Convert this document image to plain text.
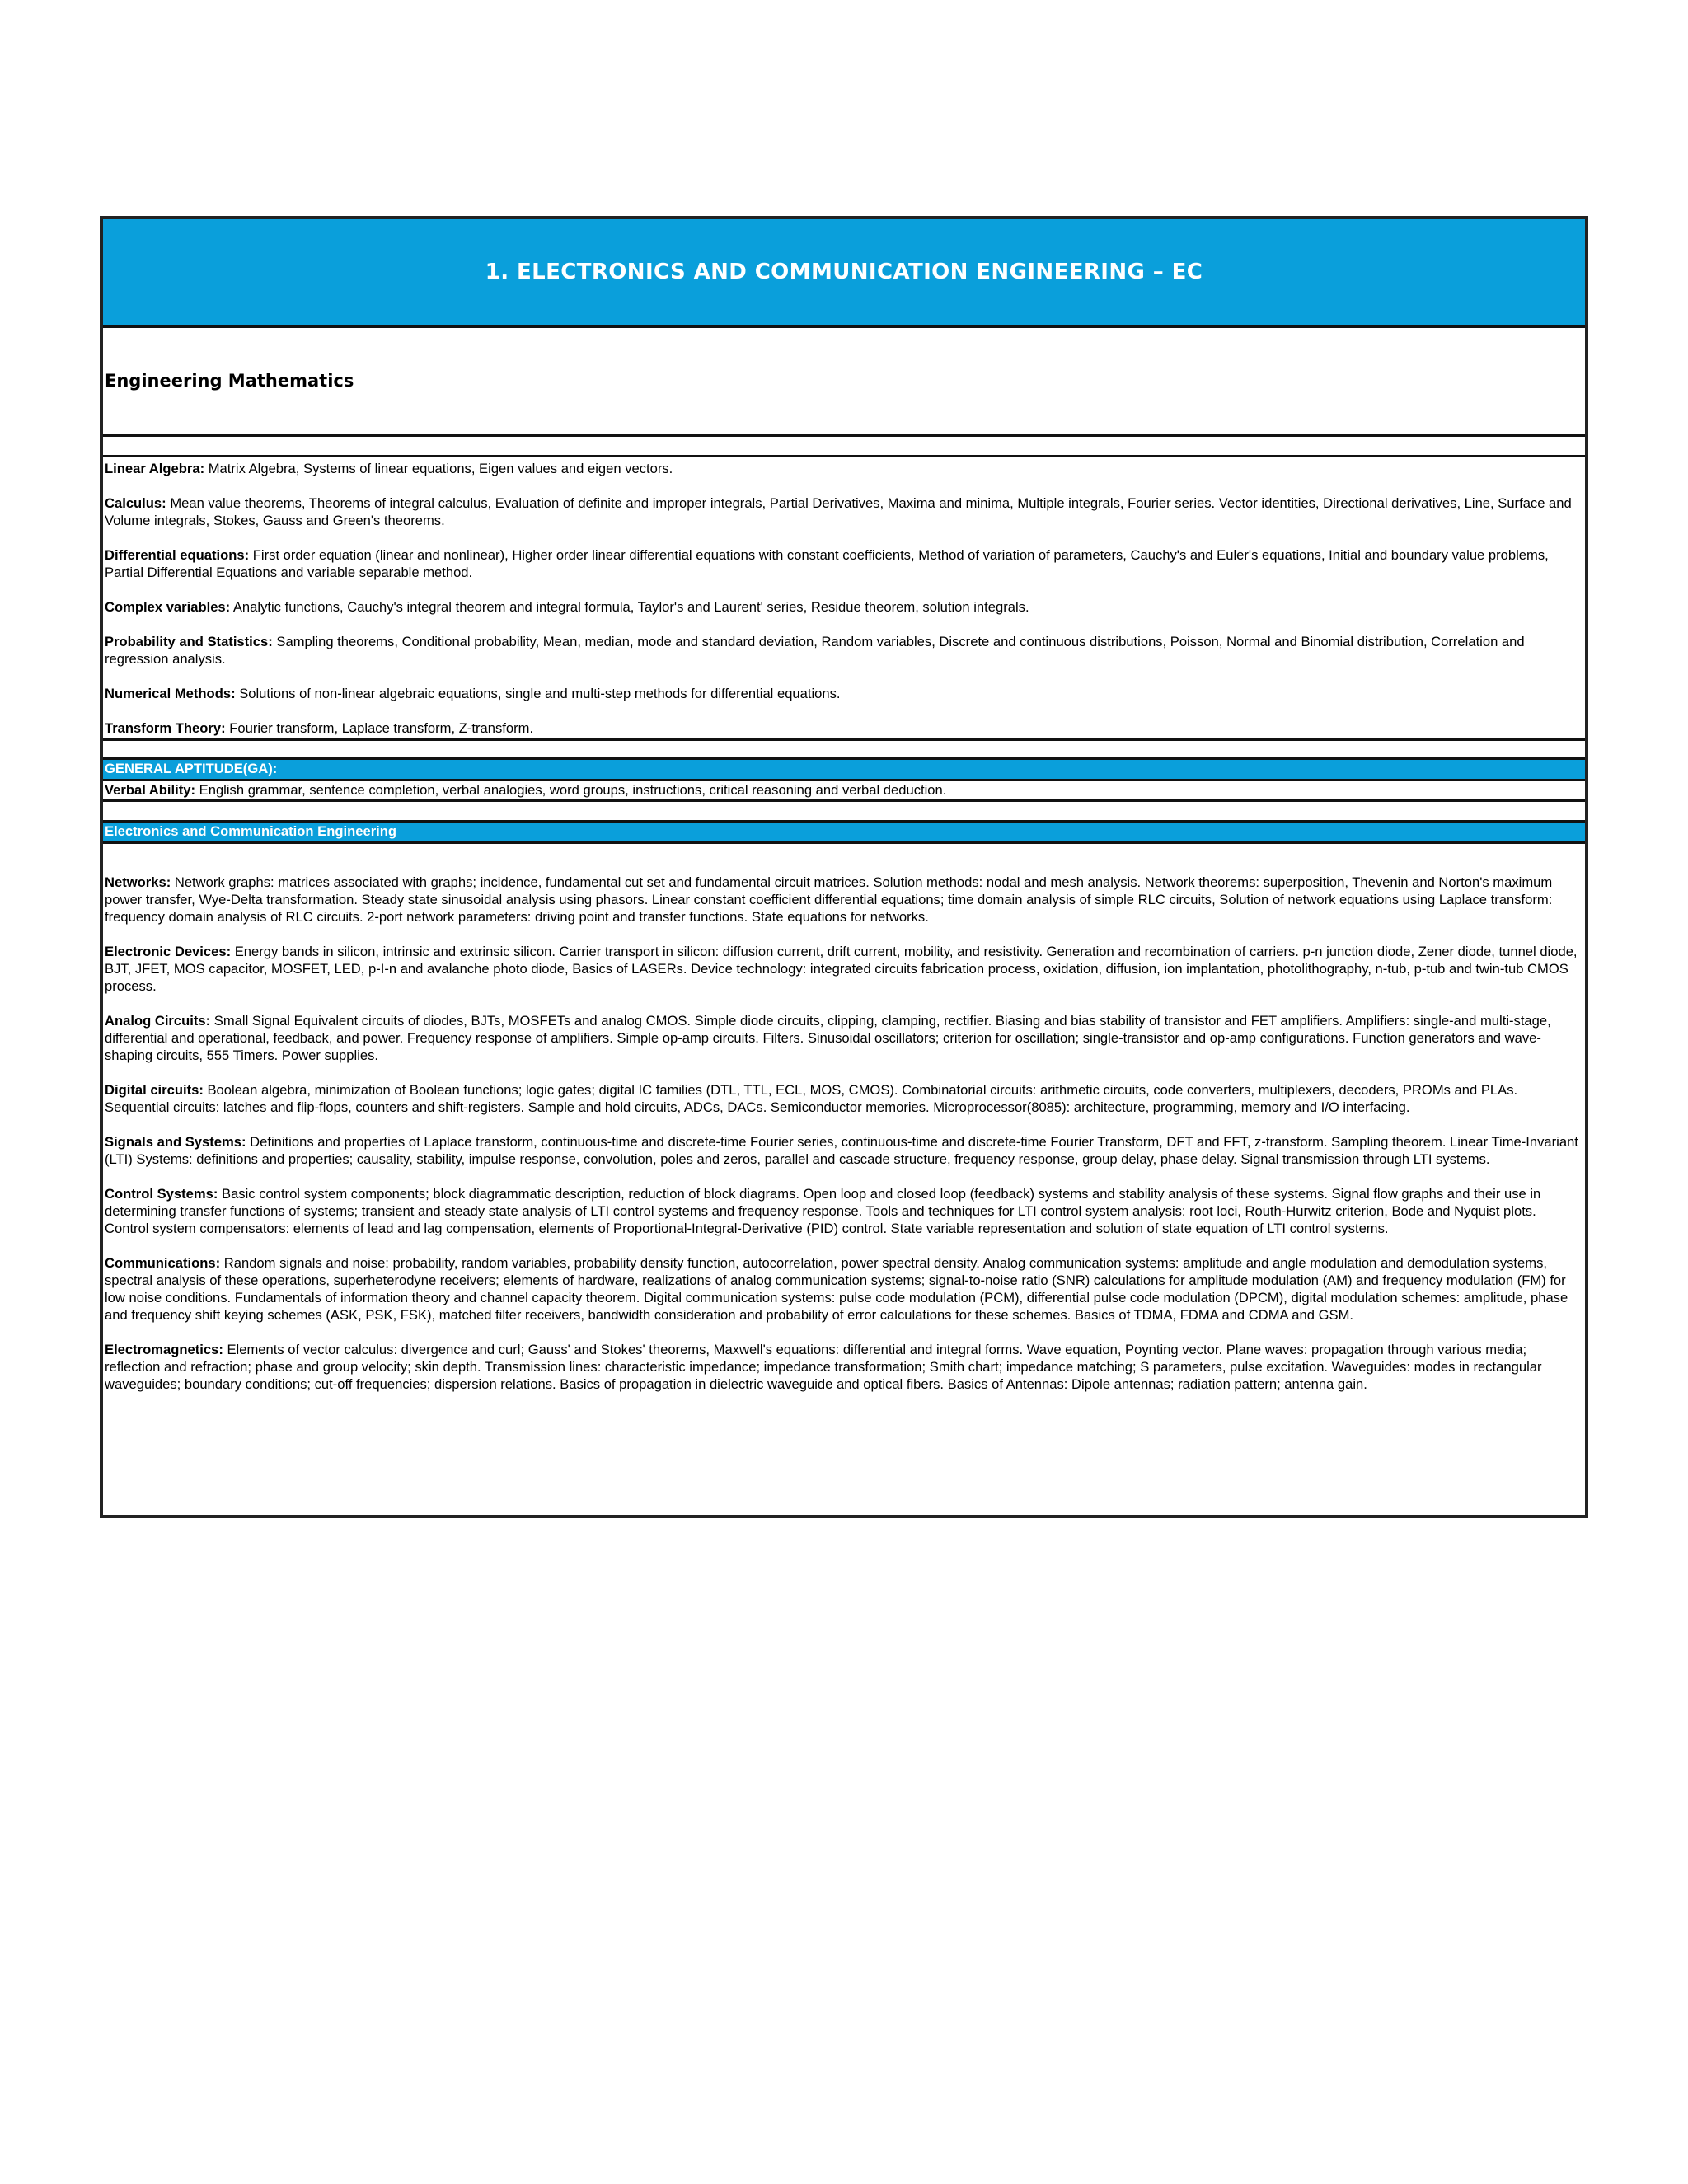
1. ELECTRONICS AND COMMUNICATION ENGINEERING – EC
Engineering Mathematics

Linear Algebra: Matrix Algebra, Systems of linear equations, Eigen values and eigen vectors.

Calculus: Mean value theorems, Theorems of integral calculus, Evaluation of definite and improper integrals, Partial Derivatives, Maxima and minima, Multiple integrals, Fourier series. Vector identities, Directional derivatives, Line, Surface and Volume integrals, Stokes, Gauss and Green's theorems.

Differential equations: First order equation (linear and nonlinear), Higher order linear differential equations with constant coefficients, Method of variation of parameters, Cauchy's and Euler's equations, Initial and boundary value problems, Partial Differential Equations and variable separable method.

Complex variables: Analytic functions, Cauchy's integral theorem and integral formula, Taylor's and Laurent' series, Residue theorem, solution integrals.

Probability and Statistics: Sampling theorems, Conditional probability, Mean, median, mode and standard deviation, Random variables, Discrete and continuous distributions, Poisson, Normal and Binomial distribution, Correlation and regression analysis.

Numerical Methods: Solutions of non-linear algebraic equations, single and multi-step methods for differential equations.

Transform Theory: Fourier transform, Laplace transform, Z-transform.

GENERAL APTITUDE(GA):
Verbal Ability: English grammar, sentence completion, verbal analogies, word groups, instructions, critical reasoning and verbal deduction.
Electronics and Communication Engineering

Networks: Network graphs: matrices associated with graphs; incidence, fundamental cut set and fundamental circuit matrices. Solution methods: nodal and mesh analysis. Network theorems: superposition, Thevenin and Norton's maximum power transfer, Wye-Delta transformation. Steady state sinusoidal analysis using phasors. Linear constant coefficient differential equations; time domain analysis of simple RLC circuits, Solution of network equations using Laplace transform: frequency domain analysis of RLC circuits. 2-port network parameters: driving point and transfer functions. State equations for networks.

Electronic Devices: Energy bands in silicon, intrinsic and extrinsic silicon. Carrier transport in silicon: diffusion current, drift current, mobility, and resistivity. Generation and recombination of carriers. p-n junction diode, Zener diode, tunnel diode, BJT, JFET, MOS capacitor, MOSFET, LED, p-I-n and avalanche photo diode, Basics of LASERs. Device technology: integrated circuits fabrication process, oxidation, diffusion, ion implantation, photolithography, n-tub, p-tub and twin-tub CMOS process.

Analog Circuits: Small Signal Equivalent circuits of diodes, BJTs, MOSFETs and analog CMOS. Simple diode circuits, clipping, clamping, rectifier. Biasing and bias stability of transistor and FET amplifiers. Amplifiers: single-and multi-stage, differential and operational, feedback, and power. Frequency response of amplifiers. Simple op-amp circuits. Filters. Sinusoidal oscillators; criterion for oscillation; single-transistor and op-amp configurations. Function generators and wave-shaping circuits, 555 Timers. Power supplies.

Digital circuits: Boolean algebra, minimization of Boolean functions; logic gates; digital IC families (DTL, TTL, ECL, MOS, CMOS). Combinatorial circuits: arithmetic circuits, code converters, multiplexers, decoders, PROMs and PLAs. Sequential circuits: latches and flip-flops, counters and shift-registers. Sample and hold circuits, ADCs, DACs. Semiconductor memories. Microprocessor(8085): architecture, programming, memory and I/O interfacing.

Signals and Systems: Definitions and properties of Laplace transform, continuous-time and discrete-time Fourier series, continuous-time and discrete-time Fourier Transform, DFT and FFT, z-transform. Sampling theorem. Linear Time-Invariant (LTI) Systems: definitions and properties; causality, stability, impulse response, convolution, poles and zeros, parallel and cascade structure, frequency response, group delay, phase delay. Signal transmission through LTI systems.

Control Systems: Basic control system components; block diagrammatic description, reduction of block diagrams. Open loop and closed loop (feedback) systems and stability analysis of these systems. Signal flow graphs and their use in determining transfer functions of systems; transient and steady state analysis of LTI control systems and frequency response. Tools and techniques for LTI control system analysis: root loci, Routh-Hurwitz criterion, Bode and Nyquist plots. Control system compensators: elements of lead and lag compensation, elements of Proportional-Integral-Derivative (PID) control. State variable representation and solution of state equation of LTI control systems.

Communications: Random signals and noise: probability, random variables, probability density function, autocorrelation, power spectral density. Analog communication systems: amplitude and angle modulation and demodulation systems, spectral analysis of these operations, superheterodyne receivers; elements of hardware, realizations of analog communication systems; signal-to-noise ratio (SNR) calculations for amplitude modulation (AM) and frequency modulation (FM) for low noise conditions. Fundamentals of information theory and channel capacity theorem. Digital communication systems: pulse code modulation (PCM), differential pulse code modulation (DPCM), digital modulation schemes: amplitude, phase and frequency shift keying schemes (ASK, PSK, FSK), matched filter receivers, bandwidth consideration and probability of error calculations for these schemes. Basics of TDMA, FDMA and CDMA and GSM.

Electromagnetics: Elements of vector calculus: divergence and curl; Gauss' and Stokes' theorems, Maxwell's equations: differential and integral forms. Wave equation, Poynting vector. Plane waves: propagation through various media; reflection and refraction; phase and group velocity; skin depth. Transmission lines: characteristic impedance; impedance transformation; Smith chart; impedance matching; S parameters, pulse excitation. Waveguides: modes in rectangular waveguides; boundary conditions; cut-off frequencies; dispersion relations. Basics of propagation in dielectric waveguide and optical fibers. Basics of Antennas: Dipole antennas; radiation pattern; antenna gain.
